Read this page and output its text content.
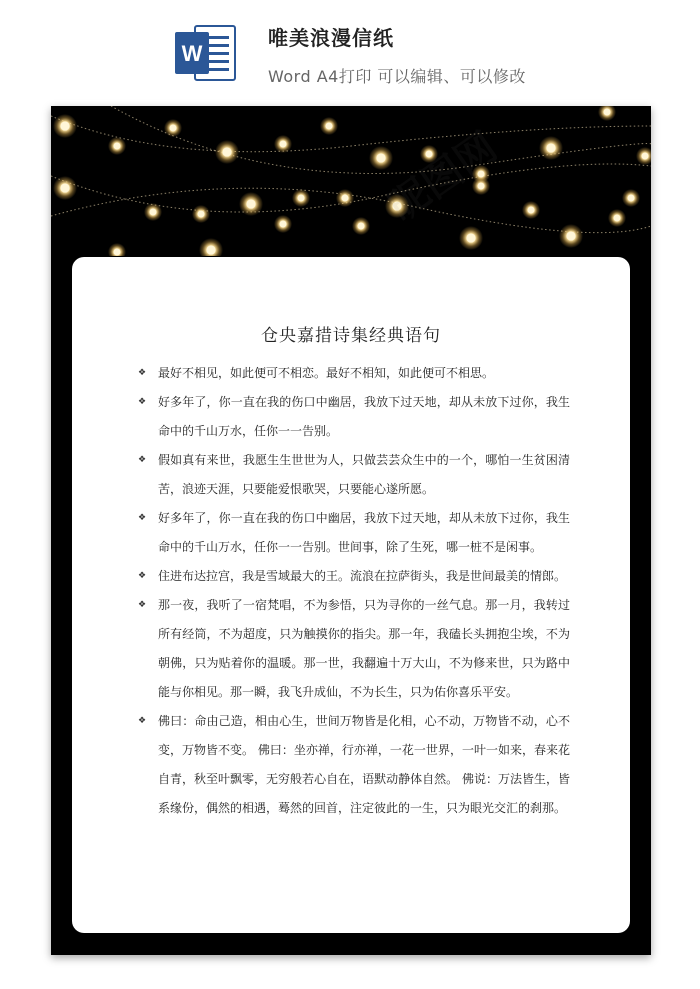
W
唯美浪漫信纸
Word A4打印 可以编辑、可以修改
昵图网
仓央嘉措诗集经典语句
❖ 最好不相见，如此便可不相恋。最好不相知，如此便可不相思。
❖ 好多年了，你一直在我的伤口中幽居，我放下过天地，却从未放下过你，我生命中的千山万水，任你一一告别。
❖ 假如真有来世，我愿生生世世为人，只做芸芸众生中的一个，哪怕一生贫困清苦，浪迹天涯，只要能爱恨歌哭，只要能心遂所愿。
❖ 好多年了，你一直在我的伤口中幽居，我放下过天地，却从未放下过你，我生命中的千山万水，任你一一告别。世间事，除了生死，哪一桩不是闲事。
❖ 住进布达拉宫，我是雪域最大的王。流浪在拉萨街头，我是世间最美的情郎。
❖ 那一夜，我听了一宿梵唱，不为参悟，只为寻你的一丝气息。那一月，我转过所有经筒，不为超度，只为触摸你的指尖。那一年，我磕长头拥抱尘埃，不为朝佛，只为贴着你的温暖。那一世，我翻遍十万大山，不为修来世，只为路中能与你相见。那一瞬，我飞升成仙，不为长生，只为佑你喜乐平安。
❖ 佛曰：命由己造，相由心生，世间万物皆是化相，心不动，万物皆不动，心不变，万物皆不变。 佛曰：坐亦禅，行亦禅，一花一世界，一叶一如来，春来花自青，秋至叶飘零，无穷般若心自在，语默动静体自然。 佛说：万法皆生，皆系缘份，偶然的相遇，蓦然的回首，注定彼此的一生，只为眼光交汇的刹那。
